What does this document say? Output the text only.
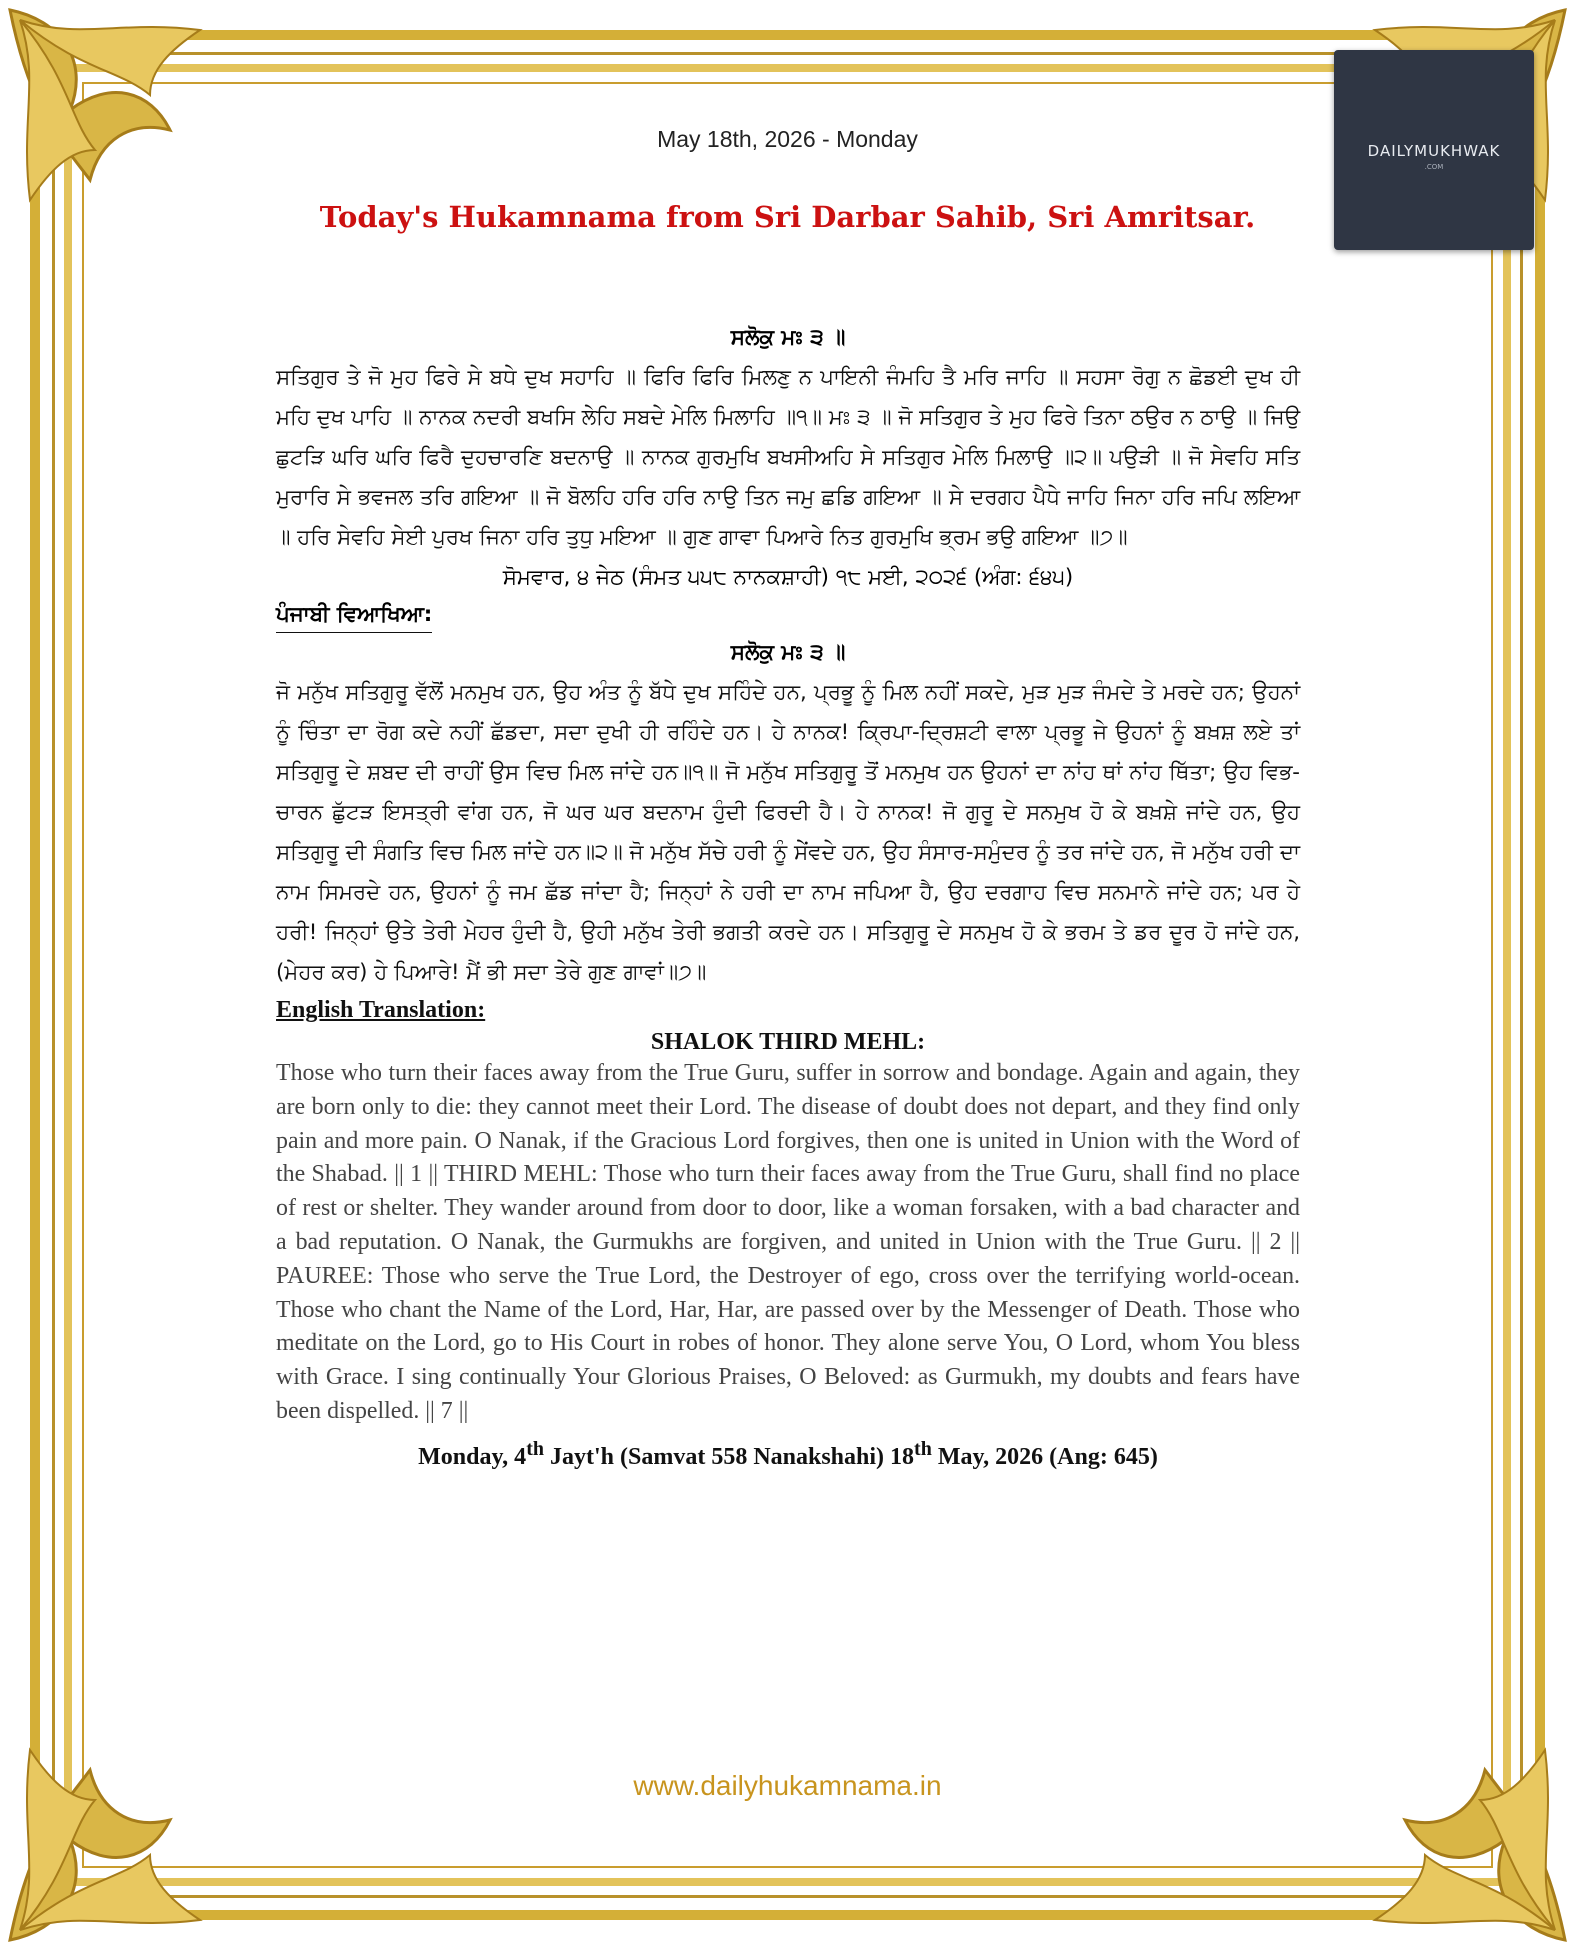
DAILYMUKHWAK
.COM
May 18th, 2026 - Monday
Today's Hukamnama from Sri Darbar Sahib, Sri Amritsar.

ਸਲੋਕੁ ਮਃ ੩ ॥

ਸਤਿਗੁਰ ਤੇ ਜੋ ਮੁਹ ਫਿਰੇ ਸੇ ਬਧੇ ਦੁਖ ਸਹਾਹਿ ॥ ਫਿਰਿ ਫਿਰਿ ਮਿਲਣੁ ਨ ਪਾਇਨੀ ਜੰਮਹਿ ਤੈ ਮਰਿ ਜਾਹਿ ॥ ਸਹਸਾ ਰੋਗੁ ਨ ਛੋਡਈ ਦੁਖ ਹੀ ਮਹਿ ਦੁਖ ਪਾਹਿ ॥ ਨਾਨਕ ਨਦਰੀ ਬਖਸਿ ਲੇਹਿ ਸਬਦੇ ਮੇਲਿ ਮਿਲਾਹਿ ॥੧॥ ਮਃ ੩ ॥ ਜੋ ਸਤਿਗੁਰ ਤੇ ਮੁਹ ਫਿਰੇ ਤਿਨਾ ਠਉਰ ਨ ਠਾਉ ॥ ਜਿਉ ਛੁਟੜਿ ਘਰਿ ਘਰਿ ਫਿਰੈ ਦੁਹਚਾਰਣਿ ਬਦਨਾਉ ॥ ਨਾਨਕ ਗੁਰਮੁਖਿ ਬਖਸੀਅਹਿ ਸੇ ਸਤਿਗੁਰ ਮੇਲਿ ਮਿਲਾਉ ॥੨॥ ਪਉੜੀ ॥ ਜੋ ਸੇਵਹਿ ਸਤਿ ਮੁਰਾਰਿ ਸੇ ਭਵਜਲ ਤਰਿ ਗਇਆ ॥ ਜੋ ਬੋਲਹਿ ਹਰਿ ਹਰਿ ਨਾਉ ਤਿਨ ਜਮੁ ਛਡਿ ਗਇਆ ॥ ਸੇ ਦਰਗਹ ਪੈਧੇ ਜਾਹਿ ਜਿਨਾ ਹਰਿ ਜਪਿ ਲਇਆ ॥ ਹਰਿ ਸੇਵਹਿ ਸੇਈ ਪੁਰਖ ਜਿਨਾ ਹਰਿ ਤੁਧੁ ਮਇਆ ॥ ਗੁਣ ਗਾਵਾ ਪਿਆਰੇ ਨਿਤ ਗੁਰਮੁਖਿ ਭ੍ਰਮ ਭਉ ਗਇਆ ॥੭॥

ਸੋਮਵਾਰ, ੪ ਜੇਠ (ਸੰਮਤ ੫੫੮ ਨਾਨਕਸ਼ਾਹੀ) ੧੮ ਮਈ, ੨੦੨੬ (ਅੰਗ: ੬੪੫)

ਪੰਜਾਬੀ ਵਿਆਖਿਆ:

ਸਲੋਕੁ ਮਃ ੩ ॥

ਜੋ ਮਨੁੱਖ ਸਤਿਗੁਰੂ ਵੱਲੋਂ ਮਨਮੁਖ ਹਨ, ਉਹ ਅੰਤ ਨੂੰ ਬੱਧੇ ਦੁਖ ਸਹਿੰਦੇ ਹਨ, ਪ੍ਰਭੂ ਨੂੰ ਮਿਲ ਨਹੀਂ ਸਕਦੇ, ਮੁੜ ਮੁੜ ਜੰਮਦੇ ਤੇ ਮਰਦੇ ਹਨ; ਉਹਨਾਂ ਨੂੰ ਚਿੰਤਾ ਦਾ ਰੋਗ ਕਦੇ ਨਹੀਂ ਛੱਡਦਾ, ਸਦਾ ਦੁਖੀ ਹੀ ਰਹਿੰਦੇ ਹਨ। ਹੇ ਨਾਨਕ! ਕ੍ਰਿਪਾ-ਦ੍ਰਿਸ਼ਟੀ ਵਾਲਾ ਪ੍ਰਭੂ ਜੇ ਉਹਨਾਂ ਨੂੰ ਬਖ਼ਸ਼ ਲਏ ਤਾਂ ਸਤਿਗੁਰੂ ਦੇ ਸ਼ਬਦ ਦੀ ਰਾਹੀਂ ਉਸ ਵਿਚ ਮਿਲ ਜਾਂਦੇ ਹਨ॥੧॥ ਜੋ ਮਨੁੱਖ ਸਤਿਗੁਰੂ ਤੋਂ ਮਨਮੁਖ ਹਨ ਉਹਨਾਂ ਦਾ ਨਾਂਹ ਥਾਂ ਨਾਂਹ ਥਿੱਤਾ; ਉਹ ਵਿਭ-ਚਾਰਨ ਛੁੱਟੜ ਇਸਤ੍ਰੀ ਵਾਂਗ ਹਨ, ਜੋ ਘਰ ਘਰ ਬਦਨਾਮ ਹੁੰਦੀ ਫਿਰਦੀ ਹੈ। ਹੇ ਨਾਨਕ! ਜੋ ਗੁਰੂ ਦੇ ਸਨਮੁਖ ਹੋ ਕੇ ਬਖ਼ਸ਼ੇ ਜਾਂਦੇ ਹਨ, ਉਹ ਸਤਿਗੁਰੂ ਦੀ ਸੰਗਤਿ ਵਿਚ ਮਿਲ ਜਾਂਦੇ ਹਨ॥੨॥ ਜੋ ਮਨੁੱਖ ਸੱਚੇ ਹਰੀ ਨੂੰ ਸੇਂਵਦੇ ਹਨ, ਉਹ ਸੰਸਾਰ-ਸਮੁੰਦਰ ਨੂੰ ਤਰ ਜਾਂਦੇ ਹਨ, ਜੋ ਮਨੁੱਖ ਹਰੀ ਦਾ ਨਾਮ ਸਿਮਰਦੇ ਹਨ, ਉਹਨਾਂ ਨੂੰ ਜਮ ਛੱਡ ਜਾਂਦਾ ਹੈ; ਜਿਨ੍ਹਾਂ ਨੇ ਹਰੀ ਦਾ ਨਾਮ ਜਪਿਆ ਹੈ, ਉਹ ਦਰਗਾਹ ਵਿਚ ਸਨਮਾਨੇ ਜਾਂਦੇ ਹਨ; ਪਰ ਹੇ ਹਰੀ! ਜਿਨ੍ਹਾਂ ਉਤੇ ਤੇਰੀ ਮੇਹਰ ਹੁੰਦੀ ਹੈ, ਉਹੀ ਮਨੁੱਖ ਤੇਰੀ ਭਗਤੀ ਕਰਦੇ ਹਨ। ਸਤਿਗੁਰੂ ਦੇ ਸਨਮੁਖ ਹੋ ਕੇ ਭਰਮ ਤੇ ਡਰ ਦੂਰ ਹੋ ਜਾਂਦੇ ਹਨ, (ਮੇਹਰ ਕਰ) ਹੇ ਪਿਆਰੇ! ਮੈਂ ਭੀ ਸਦਾ ਤੇਰੇ ਗੁਣ ਗਾਵਾਂ॥੭॥

English Translation:

SHALOK THIRD MEHL:

Those who turn their faces away from the True Guru, suffer in sorrow and bondage. Again and again, they are born only to die: they cannot meet their Lord. The disease of doubt does not depart, and they find only pain and more pain. O Nanak, if the Gracious Lord forgives, then one is united in Union with the Word of the Shabad. || 1 || THIRD MEHL: Those who turn their faces away from the True Guru, shall find no place of rest or shelter. They wander around from door to door, like a woman forsaken, with a bad character and a bad reputation. O Nanak, the Gurmukhs are forgiven, and united in Union with the True Guru. || 2 || PAUREE: Those who serve the True Lord, the Destroyer of ego, cross over the terrifying world-ocean. Those who chant the Name of the Lord, Har, Har, are passed over by the Messenger of Death. Those who meditate on the Lord, go to His Court in robes of honor. They alone serve You, O Lord, whom You bless with Grace. I sing continually Your Glorious Praises, O Beloved: as Gurmukh, my doubts and fears have been dispelled. || 7 ||

Monday, 4th Jayt'h (Samvat 558 Nanakshahi) 18th May, 2026 (Ang: 645)

www.dailyhukamnama.in
